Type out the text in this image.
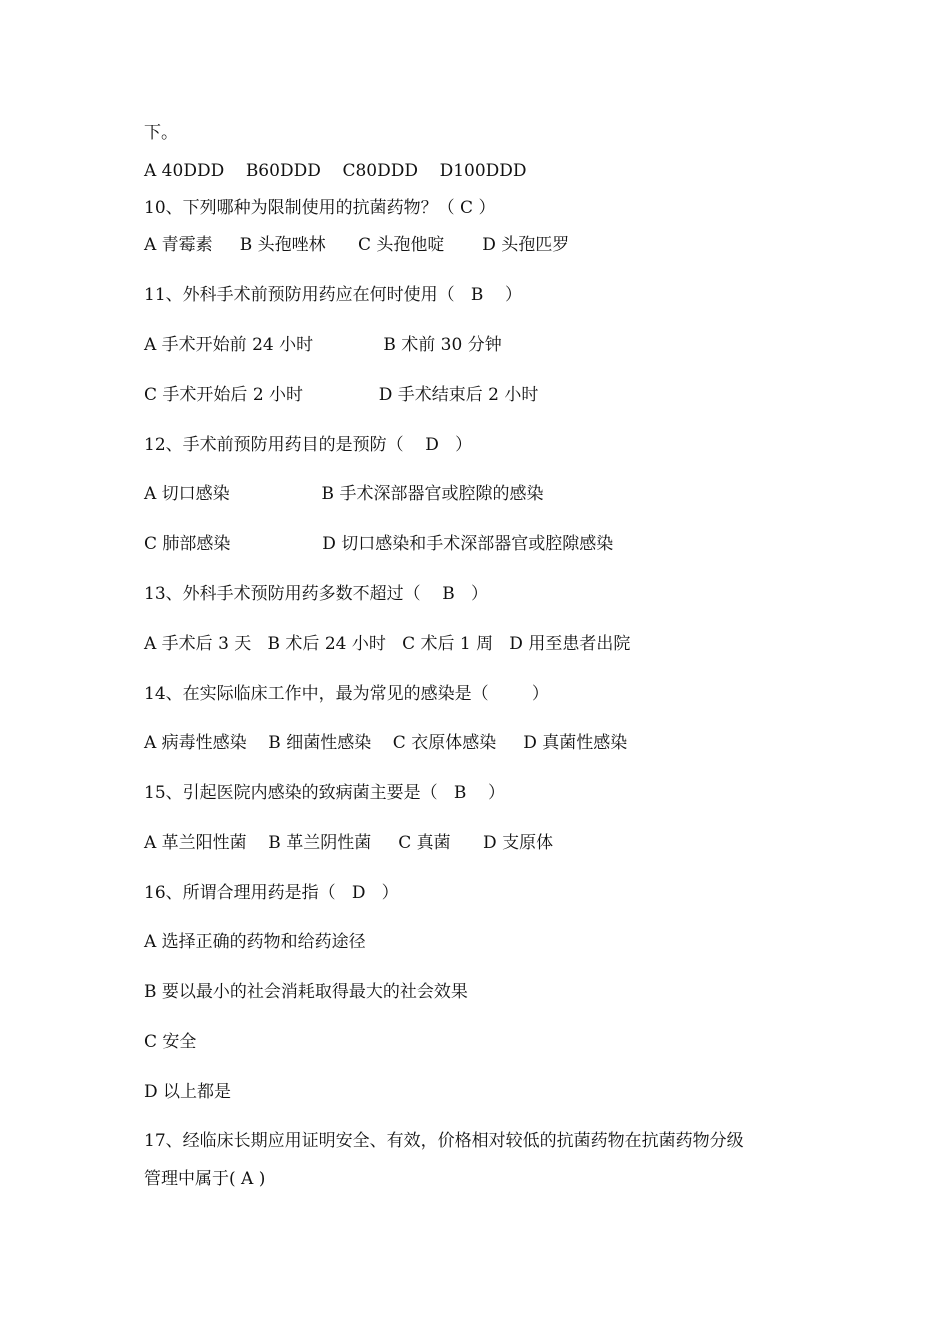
下。
A 40DDD    B60DDD    C80DDD    D100DDD
10、下列哪种为限制使用的抗菌药物？（ C ）
A 青霉素     B 头孢唑林      C 头孢他啶       D 头孢匹罗
11、外科手术前预防用药应在何时使用（   B    ）
A 手术开始前 24 小时             B 术前 30 分钟
C 手术开始后 2 小时              D 手术结束后 2 小时
12、手术前预防用药目的是预防（    D   ）
A 切口感染                 B 手术深部器官或腔隙的感染
C 肺部感染                 D 切口感染和手术深部器官或腔隙感染
13、外科手术预防用药多数不超过（    B   ）
A 手术后 3 天   B 术后 24 小时   C 术后 1 周   D 用至患者出院
14、在实际临床工作中，最为常见的感染是（        ）
A 病毒性感染    B 细菌性感染    C 衣原体感染     D 真菌性感染
15、引起医院内感染的致病菌主要是（   B    ）
A 革兰阳性菌    B 革兰阴性菌     C 真菌      D 支原体
16、所谓合理用药是指（   D   ）
A 选择正确的药物和给药途径
B 要以最小的社会消耗取得最大的社会效果
C 安全
D 以上都是
17、经临床长期应用证明安全、有效，价格相对较低的抗菌药物在抗菌药物分级
管理中属于( A )
